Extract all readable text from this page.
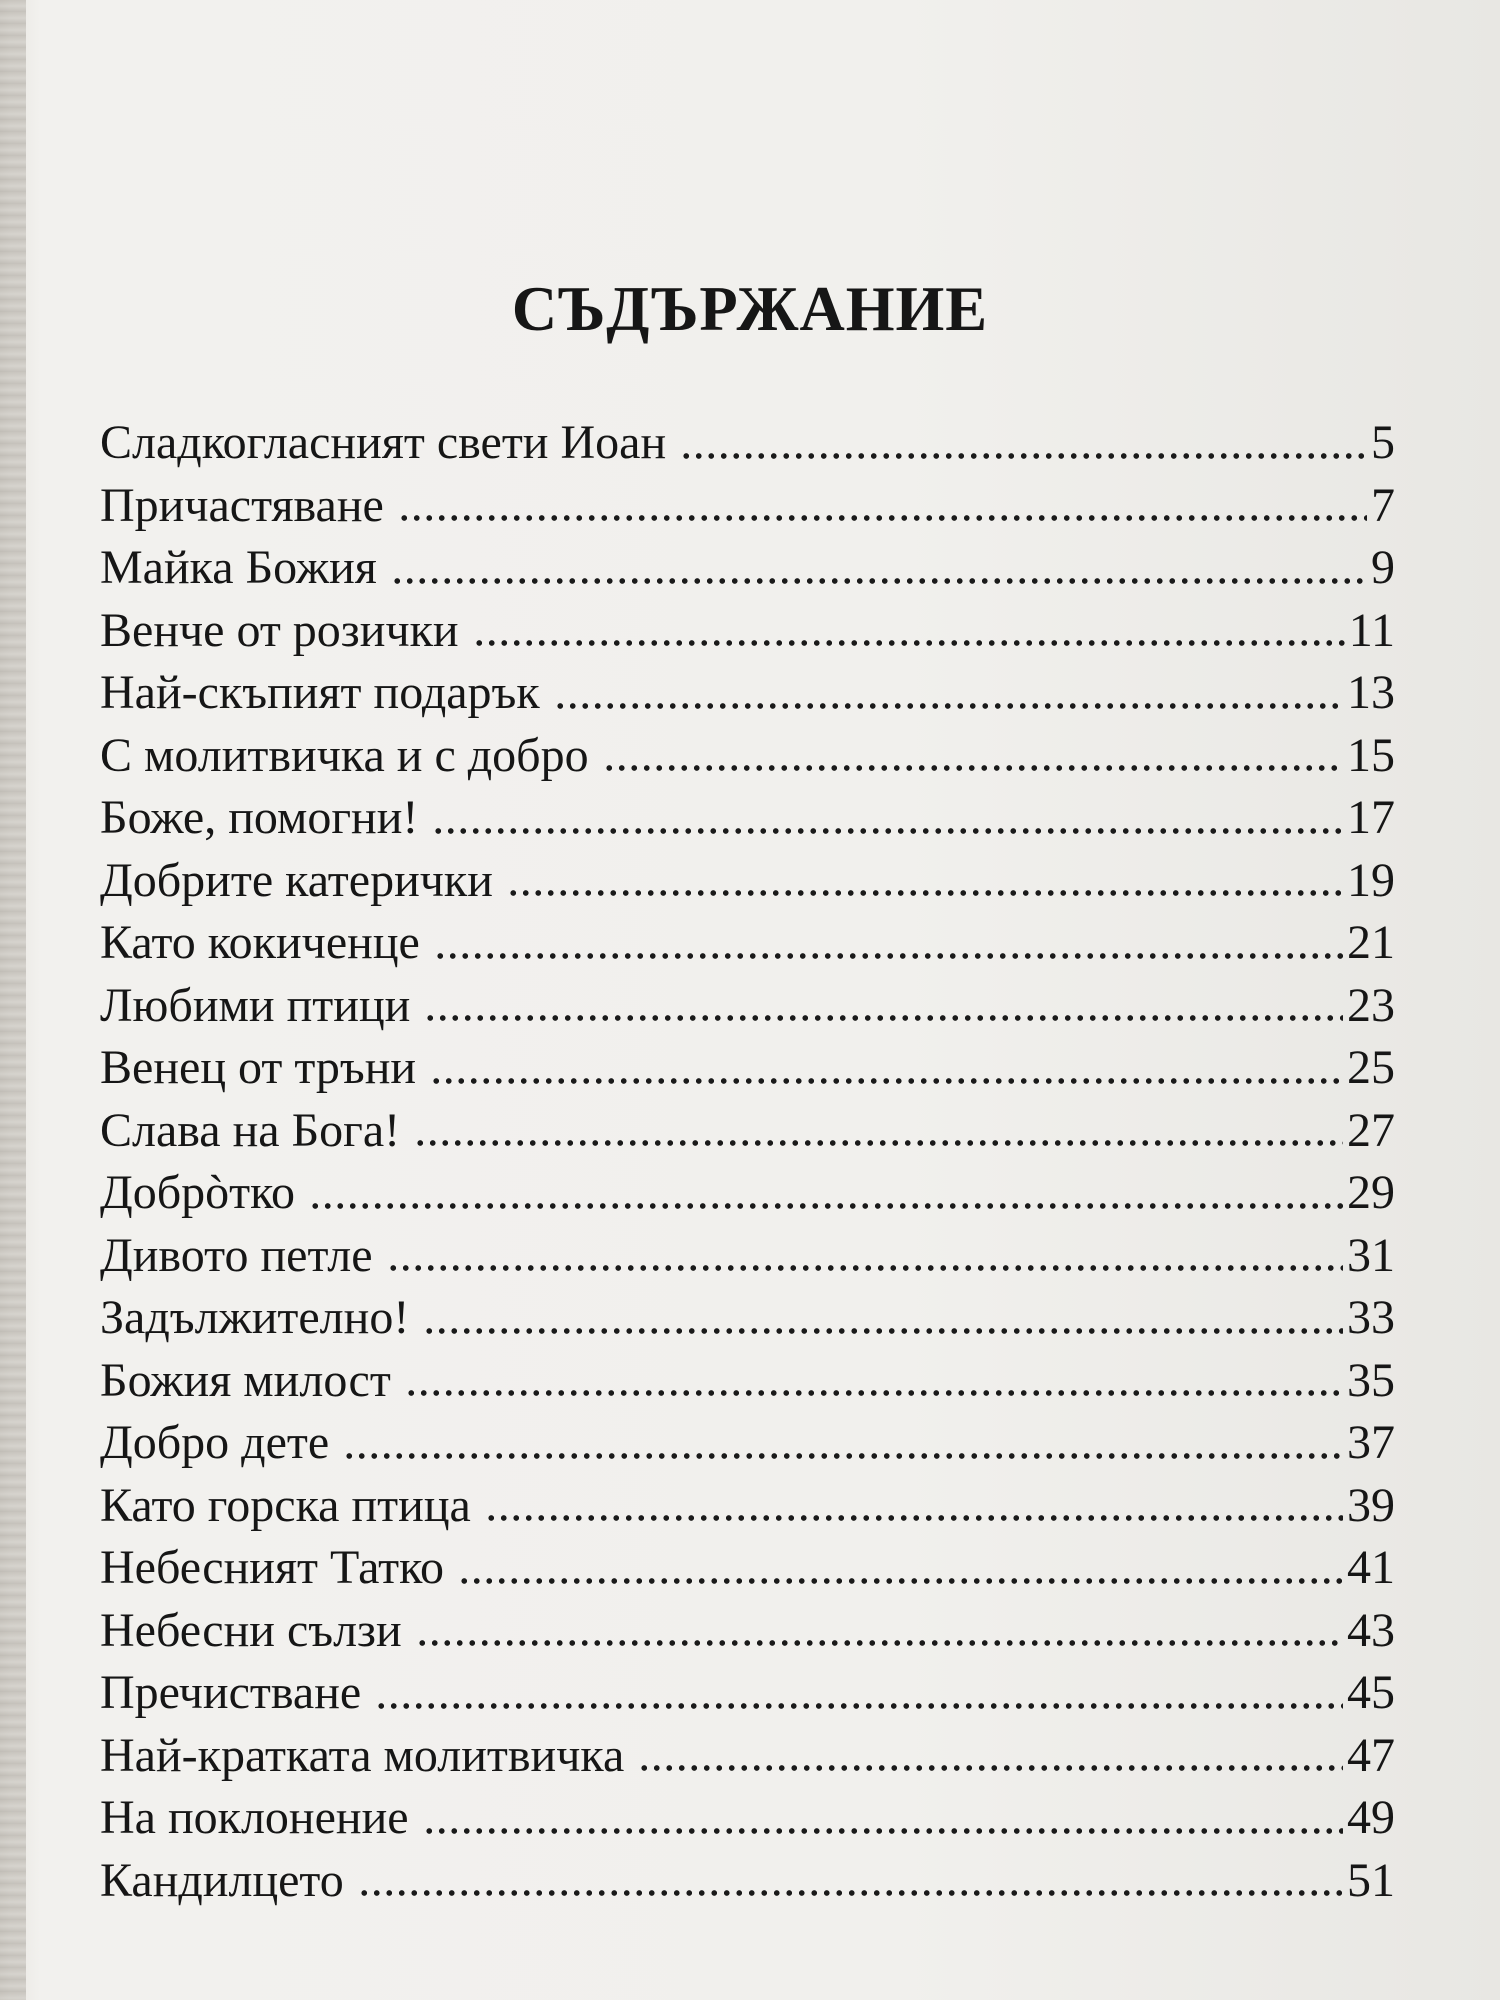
СЪДЪРЖАНИЕ
Сладкогласният свети Иоан	5
Причастяване	7
Майка Божия	9
Венче от розички	11
Най-скъпият подарък	13
С молитвичка и с добро	15
Боже, помогни!	17
Добрите катерички	19
Като кокиченце	21
Любими птици	23
Венец от тръни	25
Слава на Бога!	27
Добрòтко	29
Дивото петле	31
Задължително!	33
Божия милост	35
Добро дете	37
Като горска птица	39
Небесният Татко	41
Небесни сълзи	43
Пречистване	45
Най-кратката молитвичка	47
На поклонение	49
Кандилцето	51
